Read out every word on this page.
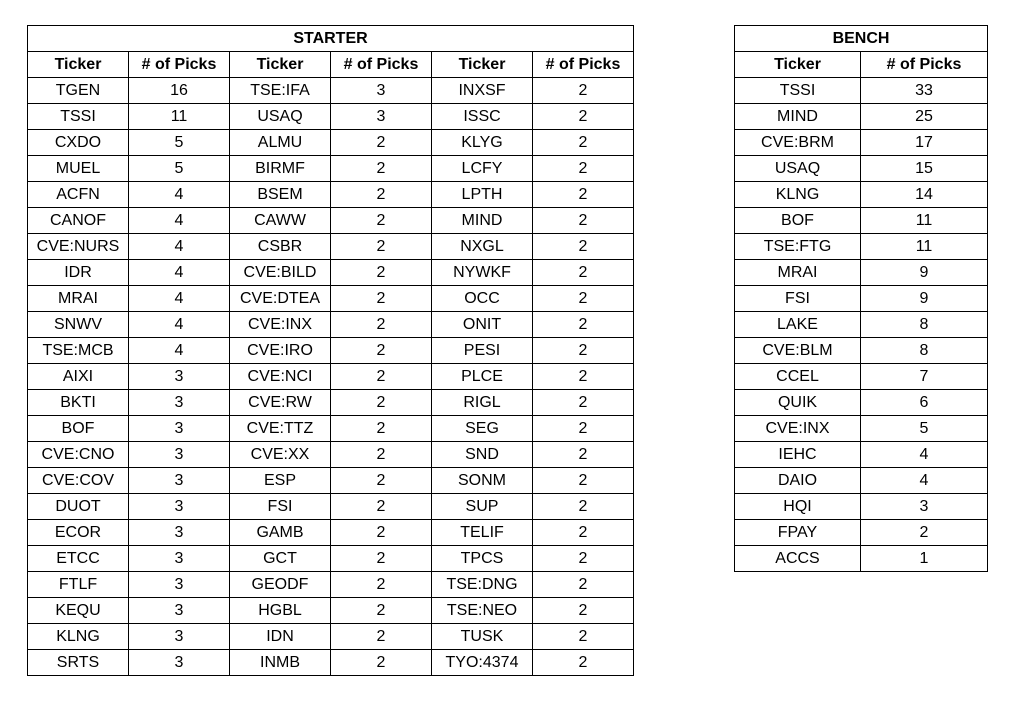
STARTER					
Ticker	# of Picks	Ticker	# of Picks	Ticker	# of Picks
TGEN	16	TSE:IFA	3	INXSF	2
TSSI	11	USAQ	3	ISSC	2
CXDO	5	ALMU	2	KLYG	2
MUEL	5	BIRMF	2	LCFY	2
ACFN	4	BSEM	2	LPTH	2
CANOF	4	CAWW	2	MIND	2
CVE:NURS	4	CSBR	2	NXGL	2
IDR	4	CVE:BILD	2	NYWKF	2
MRAI	4	CVE:DTEA	2	OCC	2
SNWV	4	CVE:INX	2	ONIT	2
TSE:MCB	4	CVE:IRO	2	PESI	2
AIXI	3	CVE:NCI	2	PLCE	2
BKTI	3	CVE:RW	2	RIGL	2
BOF	3	CVE:TTZ	2	SEG	2
CVE:CNO	3	CVE:XX	2	SND	2
CVE:COV	3	ESP	2	SONM	2
DUOT	3	FSI	2	SUP	2
ECOR	3	GAMB	2	TELIF	2
ETCC	3	GCT	2	TPCS	2
FTLF	3	GEODF	2	TSE:DNG	2
KEQU	3	HGBL	2	TSE:NEO	2
KLNG	3	IDN	2	TUSK	2
SRTS	3	INMB	2	TYO:4374	2
BENCH	
Ticker	# of Picks
TSSI	33
MIND	25
CVE:BRM	17
USAQ	15
KLNG	14
BOF	11
TSE:FTG	11
MRAI	9
FSI	9
LAKE	8
CVE:BLM	8
CCEL	7
QUIK	6
CVE:INX	5
IEHC	4
DAIO	4
HQI	3
FPAY	2
ACCS	1
